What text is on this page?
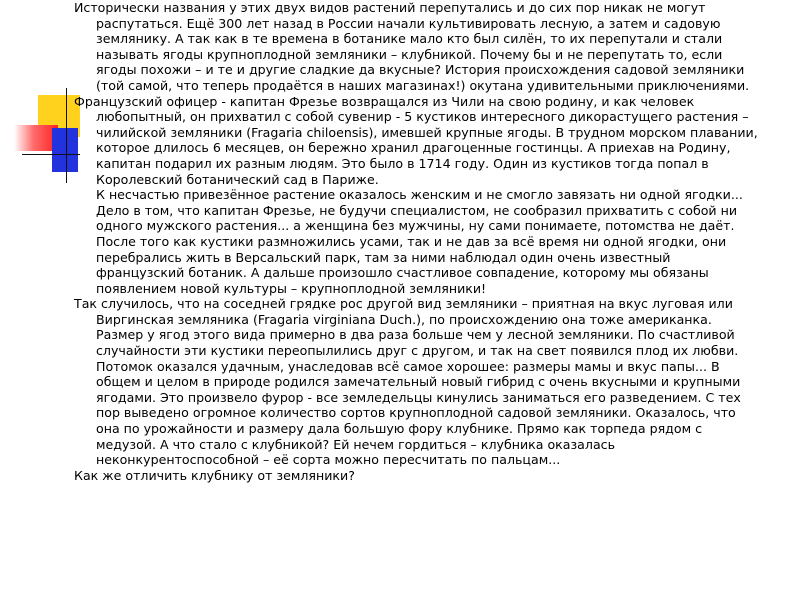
Исторически названия у этих двух видов растений перепутались и до сих пор никак не могут распутаться. Ещё 300 лет назад в России начали культивировать лесную, а затем и садовую землянику. А так как в те времена в ботанике мало кто был силён, то их перепутали и стали называть ягоды крупноплодной земляники – клубникой. Почему бы и не перепутать то, если ягоды похожи – и те и другие сладкие да вкусные? История происхождения садовой земляники (той самой, что теперь продаётся в наших магазинах!) окутана удивительными приключениями.

Французский офицер - капитан Фрезье возвращался из Чили на свою родину, и как человек любопытный, он прихватил с собой сувенир - 5 кустиков интересного дикорастущего растения – чилийской земляники (Fragaria chiloensis), имевшей крупные ягоды. В трудном морском плавании, которое длилось 6 месяцев, он бережно хранил драгоценные гостинцы. А приехав на Родину, капитан подарил их разным людям. Это было в 1714 году. Один из кустиков тогда попал в Королевский ботанический сад в Париже.

К несчастью привезённое растение оказалось женским и не смогло завязать ни одной ягодки... Дело в том, что капитан Фрезье, не будучи специалистом, не сообразил прихватить с собой ни одного мужского растения... а женщина без мужчины, ну сами понимаете, потомства не даёт. После того как кустики размножились усами, так и не дав за всё время ни одной ягодки, они перебрались жить в Версальский парк, там за ними наблюдал один очень известный французский ботаник. А дальше произошло счастливое совпадение, которому мы обязаны появлением новой культуры – крупноплодной земляники!

Так случилось, что на соседней грядке рос другой вид земляники – приятная на вкус луговая или Виргинская земляника (Fragaria virginiana Duch.), по происхождению она тоже американка. Размер у ягод этого вида примерно в два раза больше чем у лесной земляники. По счастливой случайности эти кустики переопылились друг с другом, и так на свет появился плод их любви.

Потомок оказался удачным, унаследовав всё самое хорошее: размеры мамы и вкус папы... В общем и целом в природе родился замечательный новый гибрид с очень вкусными и крупными ягодами. Это произвело фурор - все земледельцы кинулись заниматься его разведением. С тех пор выведено огромное количество сортов крупноплодной садовой земляники. Оказалось, что она по урожайности и размеру дала большую фору клубнике. Прямо как торпеда рядом с медузой. А что стало с клубникой? Ей нечем гордиться – клубника оказалась неконкурентоспособной – её сорта можно пересчитать по пальцам...

Как же отличить клубнику от земляники?
